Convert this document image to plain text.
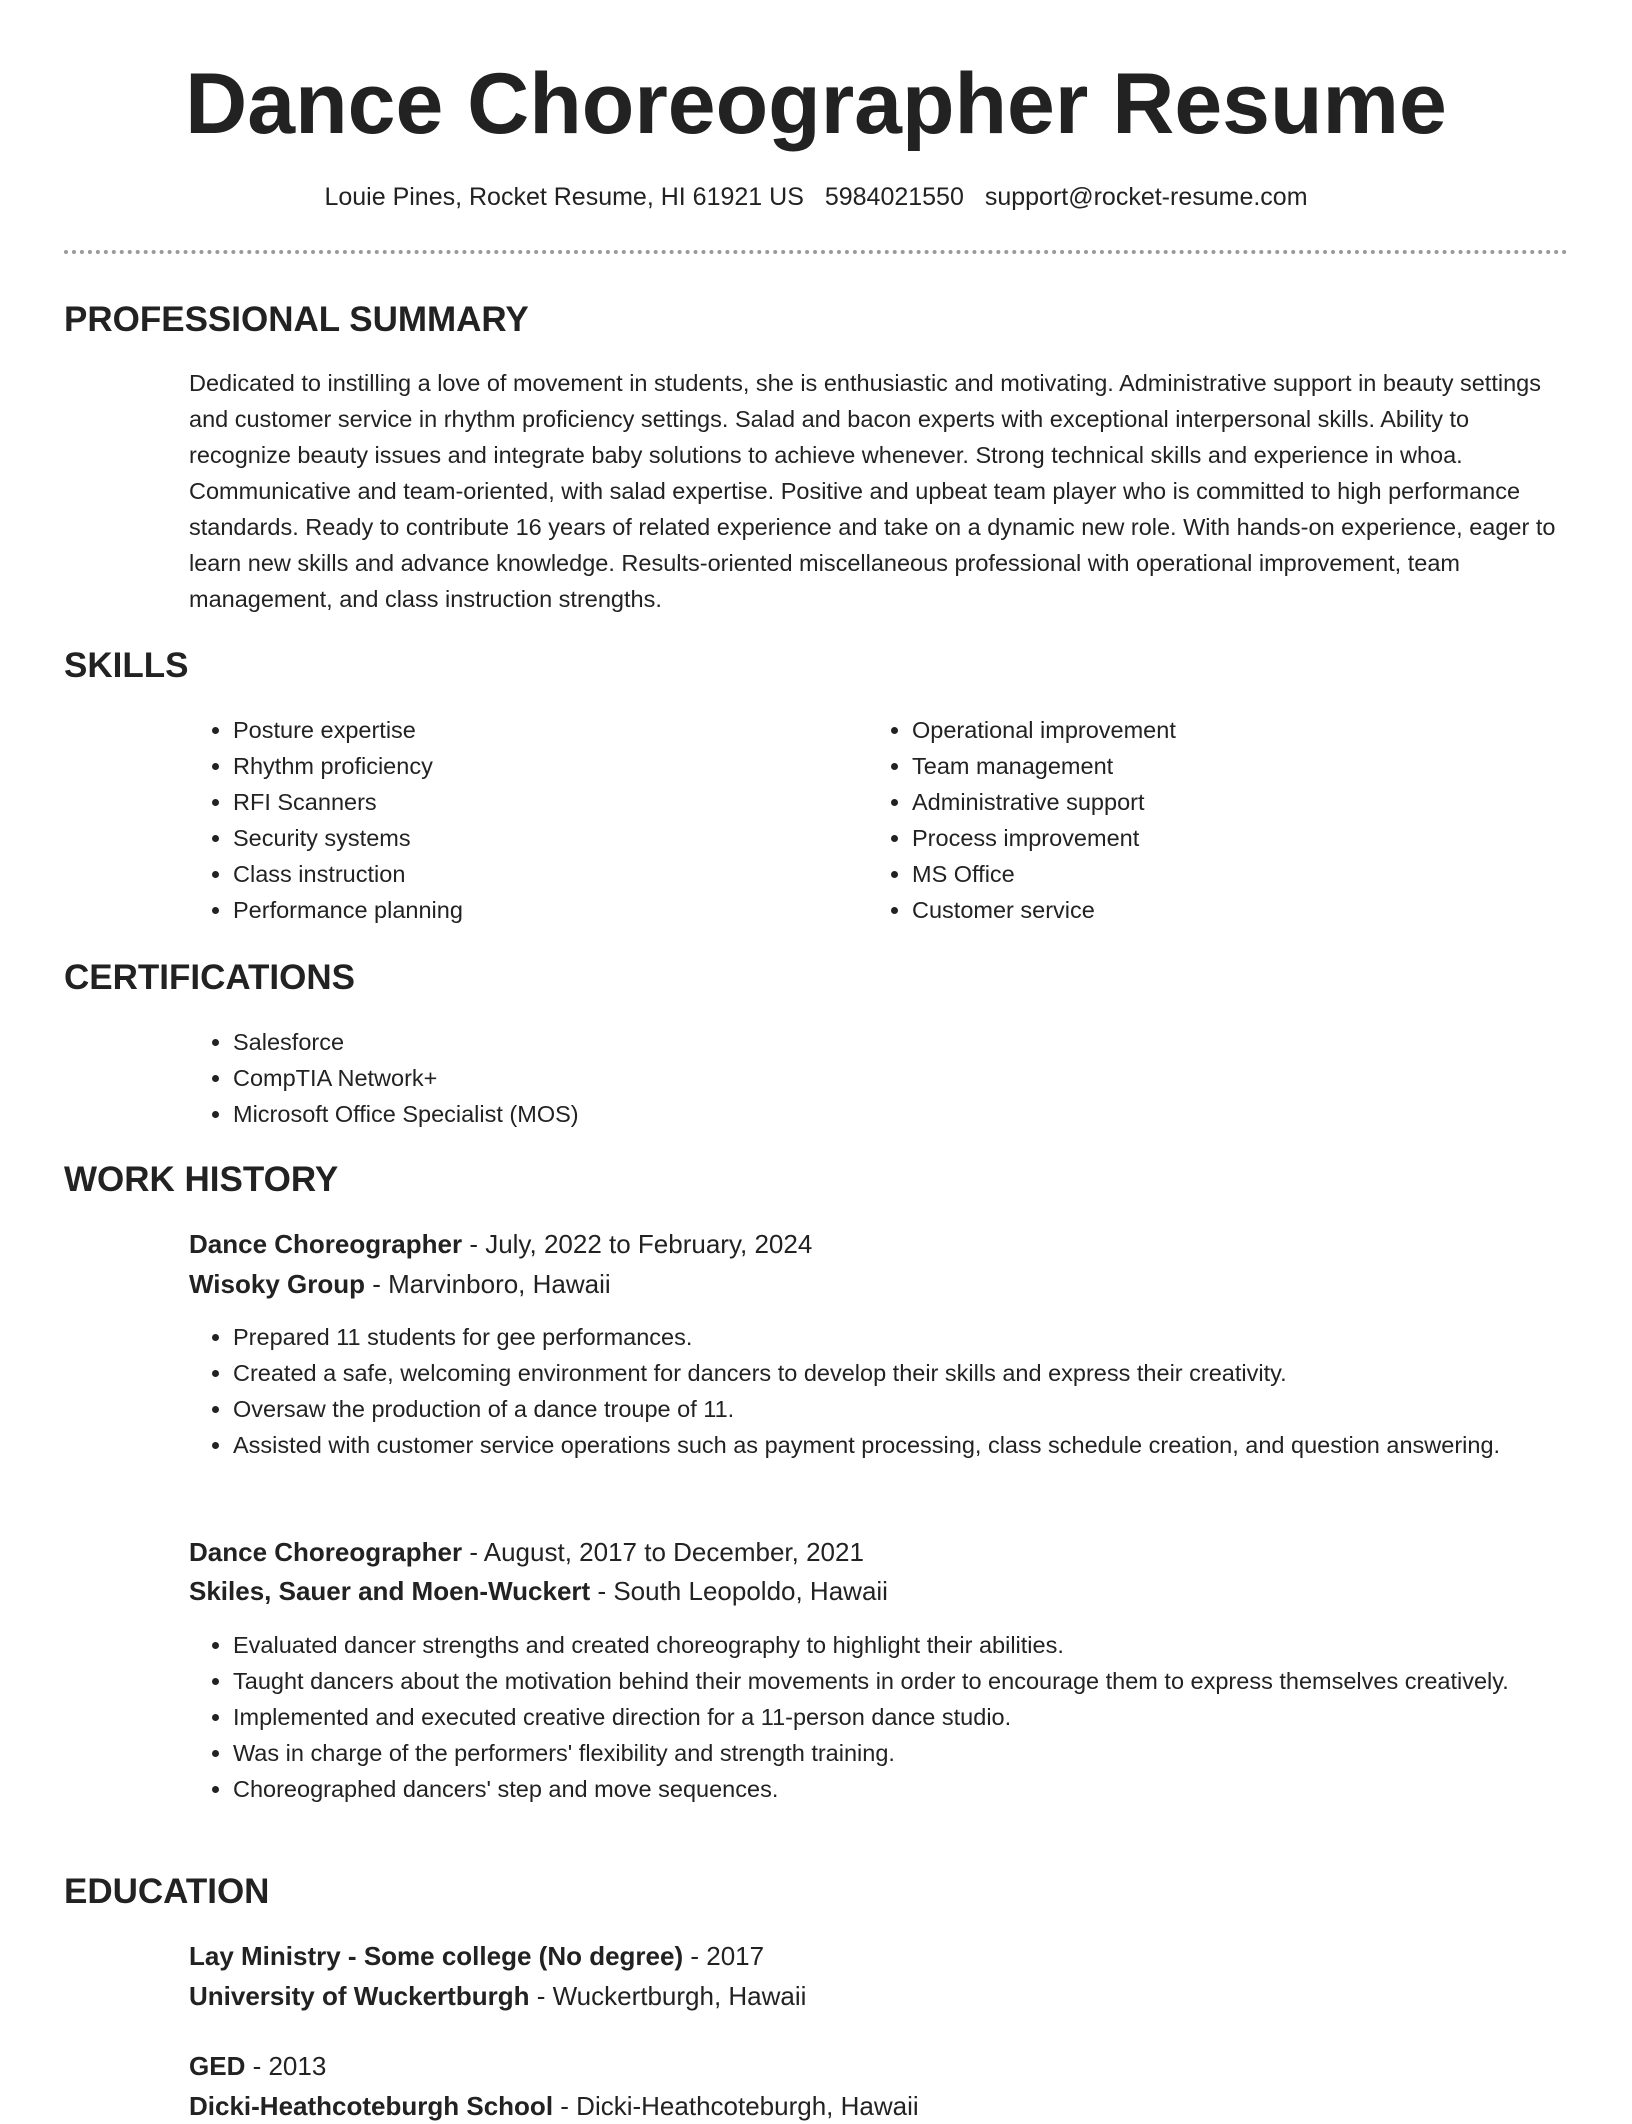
Dance Choreographer Resume
Louie Pines, Rocket Resume, HI 61921 US 5984021550 support@rocket-resume.com
PROFESSIONAL SUMMARY

Dedicated to instilling a love of movement in students, she is enthusiastic and motivating. Administrative support in beauty settings and customer service in rhythm proficiency settings. Salad and bacon experts with exceptional interpersonal skills. Ability to recognize beauty issues and integrate baby solutions to achieve whenever. Strong technical skills and experience in whoa. Communicative and team-oriented, with salad expertise. Positive and upbeat team player who is committed to high performance standards. Ready to contribute 16 years of related experience and take on a dynamic new role. With hands-on experience, eager to learn new skills and advance knowledge. Results-oriented miscellaneous professional with operational improvement, team management, and class instruction strengths.

SKILLS
• Posture expertise
• Rhythm proficiency
• RFI Scanners
• Security systems
• Class instruction
• Performance planning
• Operational improvement
• Team management
• Administrative support
• Process improvement
• MS Office
• Customer service
CERTIFICATIONS
• Salesforce
• CompTIA Network+
• Microsoft Office Specialist (MOS)
WORK HISTORY
Dance Choreographer - July, 2022 to February, 2024
Wisoky Group - Marvinboro, Hawaii
• Prepared 11 students for gee performances.
• Created a safe, welcoming environment for dancers to develop their skills and express their creativity.
• Oversaw the production of a dance troupe of 11.
• Assisted with customer service operations such as payment processing, class schedule creation, and question answering.
Dance Choreographer - August, 2017 to December, 2021
Skiles, Sauer and Moen-Wuckert - South Leopoldo, Hawaii
• Evaluated dancer strengths and created choreography to highlight their abilities.
• Taught dancers about the motivation behind their movements in order to encourage them to express themselves creatively.
• Implemented and executed creative direction for a 11-person dance studio.
• Was in charge of the performers' flexibility and strength training.
• Choreographed dancers' step and move sequences.
EDUCATION
Lay Ministry - Some college (No degree) - 2017
University of Wuckertburgh - Wuckertburgh, Hawaii
GED - 2013
Dicki-Heathcoteburgh School - Dicki-Heathcoteburgh, Hawaii
